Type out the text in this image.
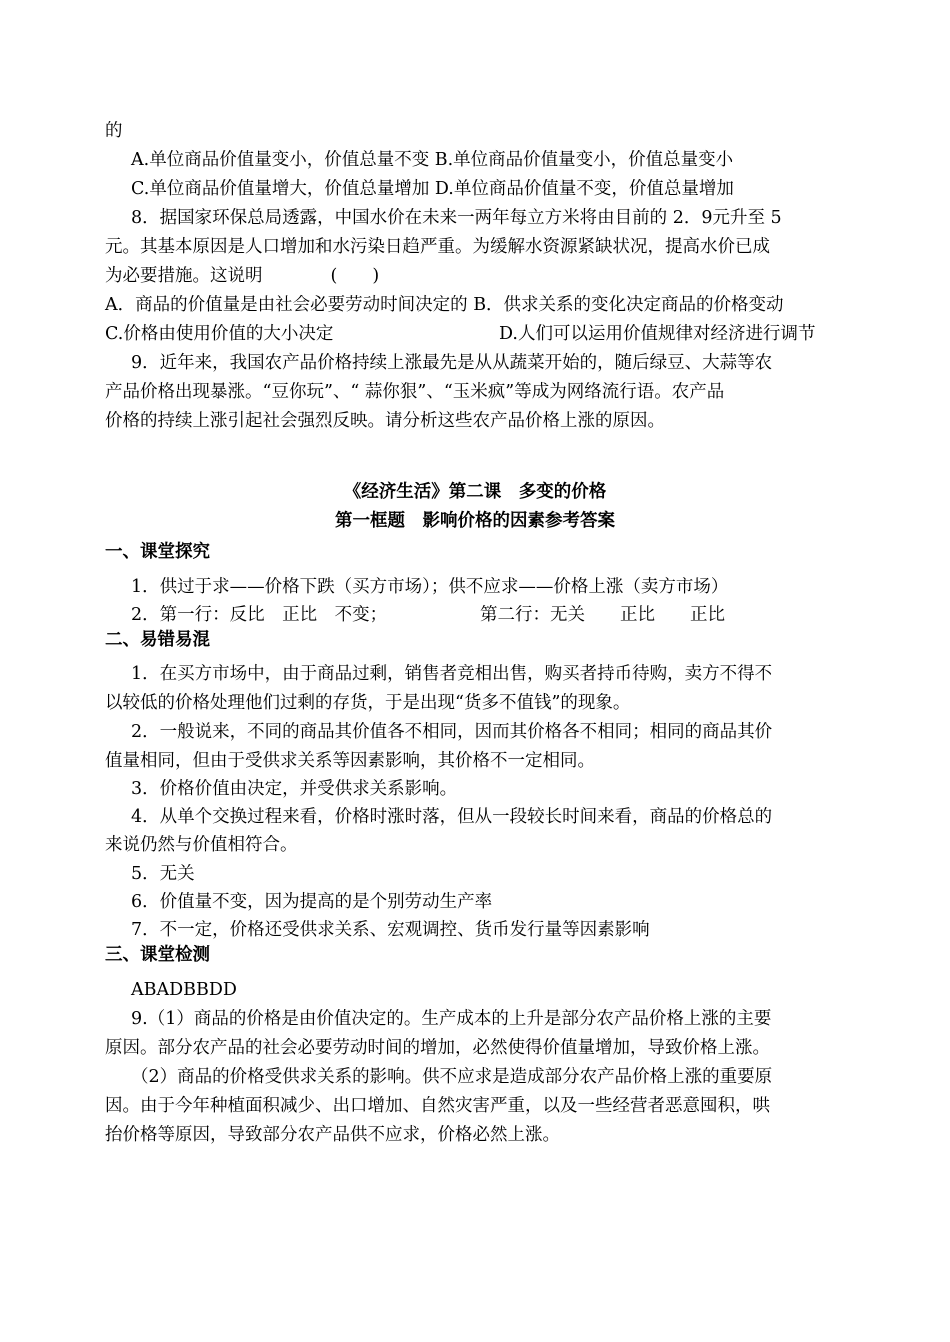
的
A.单位商品价值量变小，价值总量不变 B.单位商品价值量变小，价值总量变小
C.单位商品价值量增大，价值总量增加 D.单位商品价值量不变，价值总量增加
8．据国家环保总局透露，中国水价在未来一两年每立方米将由目前的 2．9元升至 5
元。其基本原因是人口增加和水污染日趋严重。为缓解水资源紧缺状况，提高水价已成
为必要措施。这说明	(　　)
A．商品的价值量是由社会必要劳动时间决定的 B．供求关系的变化决定商品的价格变动
C.价格由使用价值的大小决定	D.人们可以运用价值规律对经济进行调节
9．近年来，我国农产品价格持续上涨最先是从从蔬菜开始的，随后绿豆、大蒜等农
产品价格出现暴涨。“豆你玩”、“ 蒜你狠”、“玉米疯”等成为网络流行语。农产品
价格的持续上涨引起社会强烈反映。请分析这些农产品价格上涨的原因。
《经济生活》第二课　多变的价格
第一框题　影响价格的因素参考答案
一、课堂探究
1．供过于求——价格下跌（买方市场）；供不应求——价格上涨（卖方市场）
2．第一行：反比　正比　不变；	第二行：无关　　正比　　正比
二、易错易混
1．在买方市场中，由于商品过剩，销售者竞相出售，购买者持币待购，卖方不得不
以较低的价格处理他们过剩的存货，于是出现“货多不值钱”的现象。
2．一般说来，不同的商品其价值各不相同，因而其价格各不相同；相同的商品其价
值量相同，但由于受供求关系等因素影响，其价格不一定相同。
3．价格价值由决定，并受供求关系影响。
4．从单个交换过程来看，价格时涨时落，但从一段较长时间来看，商品的价格总的
来说仍然与价值相符合。
5．无关
6．价值量不变，因为提高的是个别劳动生产率
7．不一定，价格还受供求关系、宏观调控、货币发行量等因素影响
三、课堂检测
ABADBBDD
9.（1）商品的价格是由价值决定的。生产成本的上升是部分农产品价格上涨的主要
原因。部分农产品的社会必要劳动时间的增加，必然使得价值量增加，导致价格上涨。
（2）商品的价格受供求关系的影响。供不应求是造成部分农产品价格上涨的重要原
因。由于今年种植面积减少、出口增加、自然灾害严重，以及一些经营者恶意囤积，哄
抬价格等原因，导致部分农产品供不应求，价格必然上涨。
